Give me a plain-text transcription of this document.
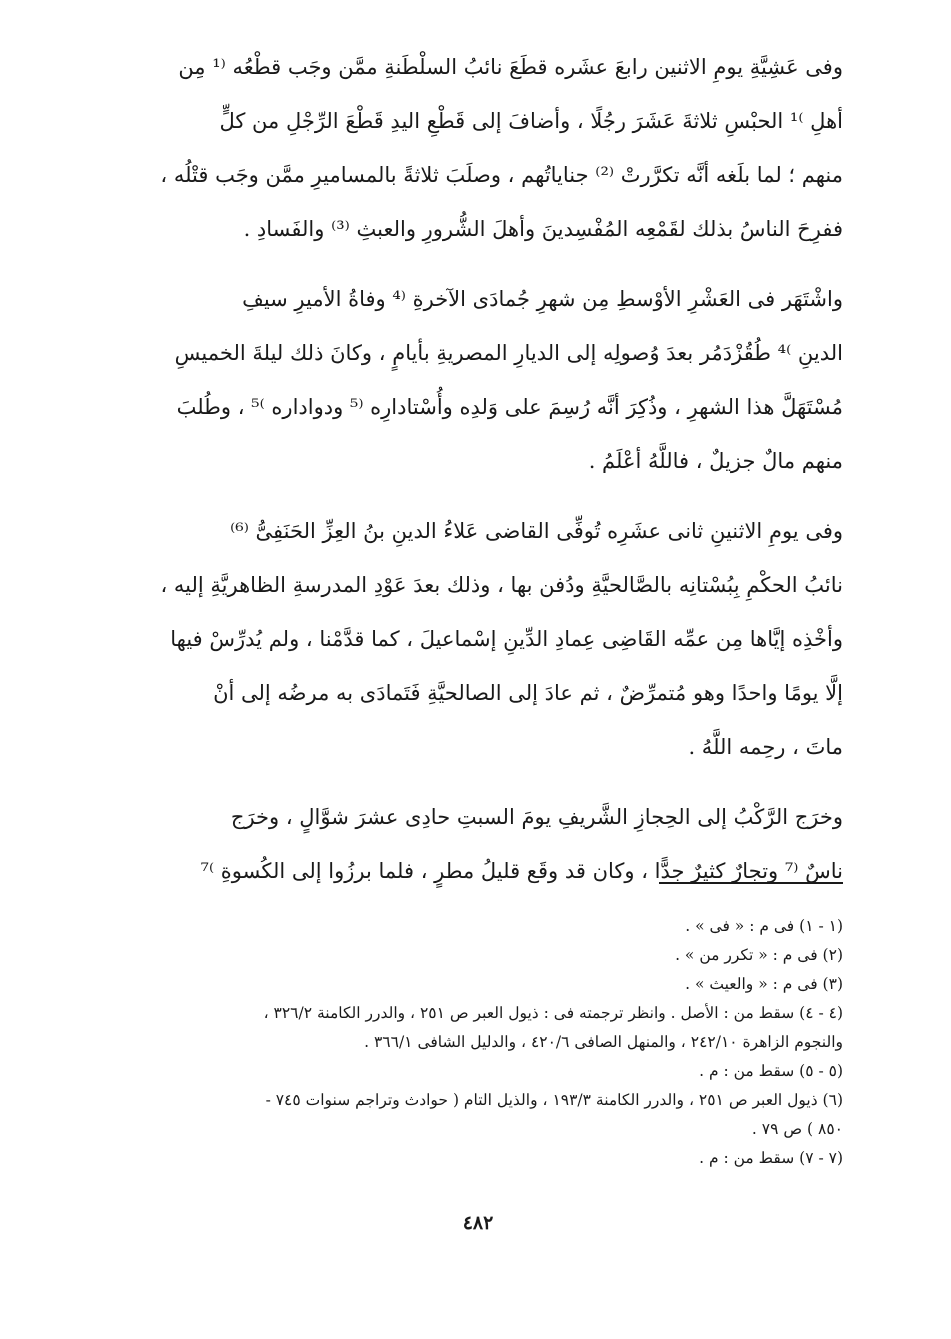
وفى عَشِيَّةِ يومِ الاثنين رابعَ عشَره قطَعَ نائبُ السلْطَنةِ ممَّن وجَب قطْعُه ⁽¹ مِن
أهلِ ⁾¹ الحبْسِ ثلاثةَ عَشَرَ رجُلًا ، وأضافَ إلى قَطْعِ اليدِ قَطْعَ الرِّجْلِ من كلٍّ
منهم ؛ لما بلَغه أنَّه تكرَّرتْ ⁽²⁾ جناياتُهم ، وصلَبَ ثلاثةً بالمساميرِ ممَّن وجَب قتْلُه ،
ففرِحَ الناسُ بذلك لقَمْعِه المُفْسِدينَ وأهلَ الشُّرورِ والعبثِ ⁽³⁾ والفَسادِ .
واشْتَهَر فى العَشْرِ الأوْسطِ مِن شهرِ جُمادَى الآخرةِ ⁽⁴ وفاةُ الأميرِ سيفِ
الدينِ ⁾⁴ طُقُزْدَمُر بعدَ وُصولِه إلى الديارِ المصريةِ بأيامٍ ، وكانَ ذلك ليلةَ الخميسِ
مُسْتَهَلَّ هذا الشهرِ ، وذُكِرَ أنَّه رُسِمَ على وَلدِه وأُسْتادارِه ⁽⁵ ودواداره ⁾⁵ ، وطُلبَ
منهم مالٌ جزيلٌ ، فاللَّهُ أعْلَمُ .
وفى يومِ الاثنينِ ثانى عشَرِه تُوفِّى القاضى عَلاءُ الدينِ بنُ العِزِّ الحَنَفِىُّ ⁽⁶⁾
نائبُ الحكْمِ بِبُسْتانِه بالصَّالحيَّةِ ودُفن بها ، وذلك بعدَ عَوْدِ المدرسةِ الظاهريَّةِ إليه ،
وأخْذِه إيَّاها مِن عمِّه القَاضِى عِمادِ الدِّينِ إسْماعيلَ ، كما قدَّمْنا ، ولم يُدرِّسْ فيها
إلَّا يومًا واحدًا وهو مُتمرِّضٌ ، ثم عادَ إلى الصالحيَّةِ فَتَمادَى به مرضُه إلى أنْ
ماتَ ، رحِمه اللَّهُ .
وخرَج الرَّكْبُ إلى الحِجازِ الشَّريفِ يومَ السبتِ حادِى عشرَ شوَّالٍ ، وخرَج
ناسٌ ⁽⁷ وتجارٌ كثيرٌ جدًّا ، وكان قد وقَع قليلُ مطرٍ ، فلما برزُوا إلى الكُسوةِ ⁾⁷
(١ - ١) فى م : « فى » .
(٢) فى م : « تكرر من » .
(٣) فى م : « والعيث » .
(٤ - ٤) سقط من : الأصل . وانظر ترجمته فى : ذيول العبر ص ٢٥١ ، والدرر الكامنة ٣٢٦/٢ ،
والنجوم الزاهرة ٢٤٢/١٠ ، والمنهل الصافى ٤٢٠/٦ ، والدليل الشافى ٣٦٦/١ .
(٥ - ٥) سقط من : م .
(٦) ذيول العبر ص ٢٥١ ، والدرر الكامنة ١٩٣/٣ ، والذيل التام ( حوادث وتراجم سنوات ٧٤٥ -
٨٥٠ ) ص ٧٩ .
(٧ - ٧) سقط من : م .
٤٨٢
